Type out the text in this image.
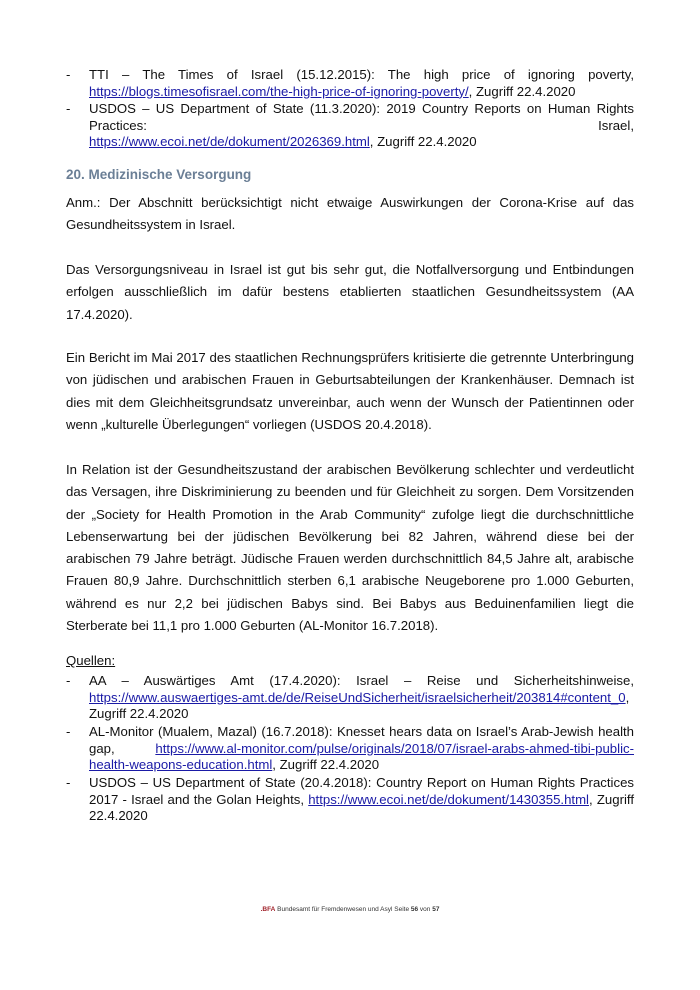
- TTI – The Times of Israel (15.12.2015): The high price of ignoring poverty,
https://blogs.timesofisrael.com/the-high-price-of-ignoring-poverty/, Zugriff 22.4.2020
- USDOS – US Department of State (11.3.2020): 2019 Country Reports on Human Rights
Practices:	Israel,
https://www.ecoi.net/de/dokument/2026369.html, Zugriff 22.4.2020
20. Medizinische Versorgung
Anm.: Der Abschnitt berücksichtigt nicht etwaige Auswirkungen der Corona-Krise auf das Gesundheitssystem in Israel.
Das Versorgungsniveau in Israel ist gut bis sehr gut, die Notfallversorgung und Entbindungen erfolgen ausschließlich im dafür bestens etablierten staatlichen Gesundheitssystem (AA 17.4.2020).
Ein Bericht im Mai 2017 des staatlichen Rechnungsprüfers kritisierte die getrennte Unterbringung von jüdischen und arabischen Frauen in Geburtsabteilungen der Krankenhäuser. Demnach ist dies mit dem Gleichheitsgrundsatz unvereinbar, auch wenn der Wunsch der Patientinnen oder wenn „kulturelle Überlegungen“ vorliegen (USDOS 20.4.2018).
In Relation ist der Gesundheitszustand der arabischen Bevölkerung schlechter und verdeutlicht das Versagen, ihre Diskriminierung zu beenden und für Gleichheit zu sorgen. Dem Vorsitzenden der „Society for Health Promotion in the Arab Community“ zufolge liegt die durchschnittliche Lebenserwartung bei der jüdischen Bevölkerung bei 82 Jahren, während diese bei der arabischen 79 Jahre beträgt. Jüdische Frauen werden durchschnittlich 84,5 Jahre alt, arabische Frauen 80,9 Jahre. Durchschnittlich sterben 6,1 arabische Neugeborene pro 1.000 Geburten, während es nur 2,2 bei jüdischen Babys sind. Bei Babys aus Beduinenfamilien liegt die Sterberate bei 11,1 pro 1.000 Geburten (AL-Monitor 16.7.2018).
Quellen:
- AA – Auswärtiges Amt (17.4.2020): Israel – Reise und Sicherheitshinweise,
https://www.auswaertiges-amt.de/de/ReiseUndSicherheit/israelsicherheit/203814#content_0,
Zugriff 22.4.2020
- AL-Monitor (Mualem, Mazal) (16.7.2018): Knesset hears data on Israel’s Arab-Jewish health gap,	https://www.al-monitor.com/pulse/originals/2018/07/israel-arabs-ahmed-tibi-public-health-weapons-education.html, Zugriff 22.4.2020
- USDOS – US Department of State (20.4.2018): Country Report on Human Rights Practices 2017 - Israel and the Golan Heights, https://www.ecoi.net/de/dokument/1430355.html, Zugriff 22.4.2020
.BFA Bundesamt für Fremdenwesen und Asyl Seite 56 von 57
